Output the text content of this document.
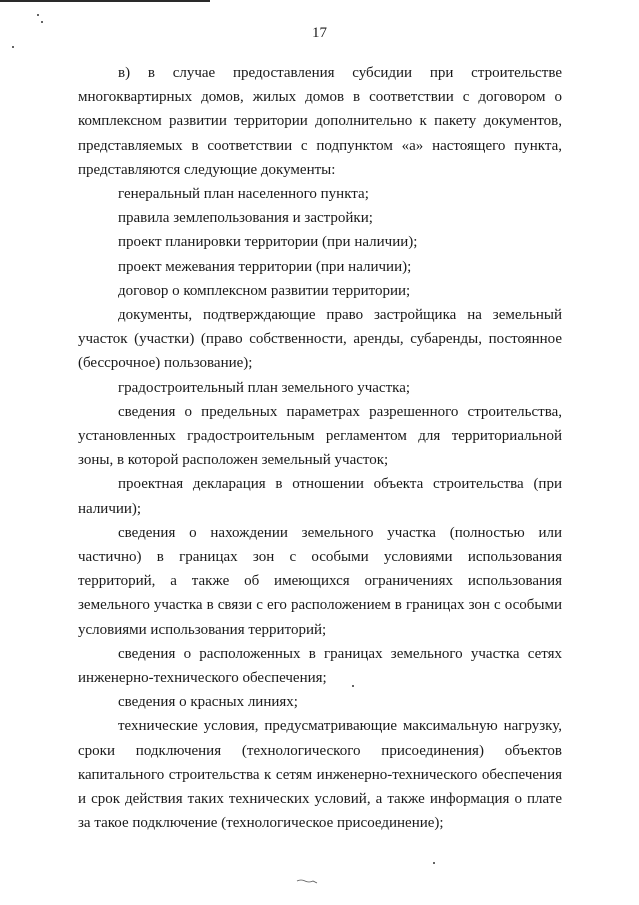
17

в) в случае предоставления субсидии при строительстве многоквартирных домов, жилых домов в соответствии с договором о комплексном развитии территории дополнительно к пакету документов, представляемых в соответствии с подпунктом «а» настоящего пункта, представляются следующие документы:

генеральный план населенного пункта;

правила землепользования и застройки;

проект планировки территории (при наличии);

проект межевания территории (при наличии);

договор о комплексном развитии территории;

документы, подтверждающие право застройщика на земельный участок (участки) (право собственности, аренды, субаренды, постоянное (бессрочное) пользование);

градостроительный план земельного участка;

сведения о предельных параметрах разрешенного строительства, установленных градостроительным регламентом для территориальной зоны, в которой расположен земельный участок;

проектная декларация в отношении объекта строительства (при наличии);

сведения о нахождении земельного участка (полностью или частично) в границах зон с особыми условиями использования территорий, а также об имеющихся ограничениях использования земельного участка в связи с его расположением в границах зон с особыми условиями использования территорий;

сведения о расположенных в границах земельного участка сетях инженерно-технического обеспечения;

сведения о красных линиях;

технические условия, предусматривающие максимальную нагрузку, сроки подключения (технологического присоединения) объектов капитального строительства к сетям инженерно-технического обеспечения и срок действия таких технических условий, а также информация о плате за такое подключение (технологическое присоединение);
